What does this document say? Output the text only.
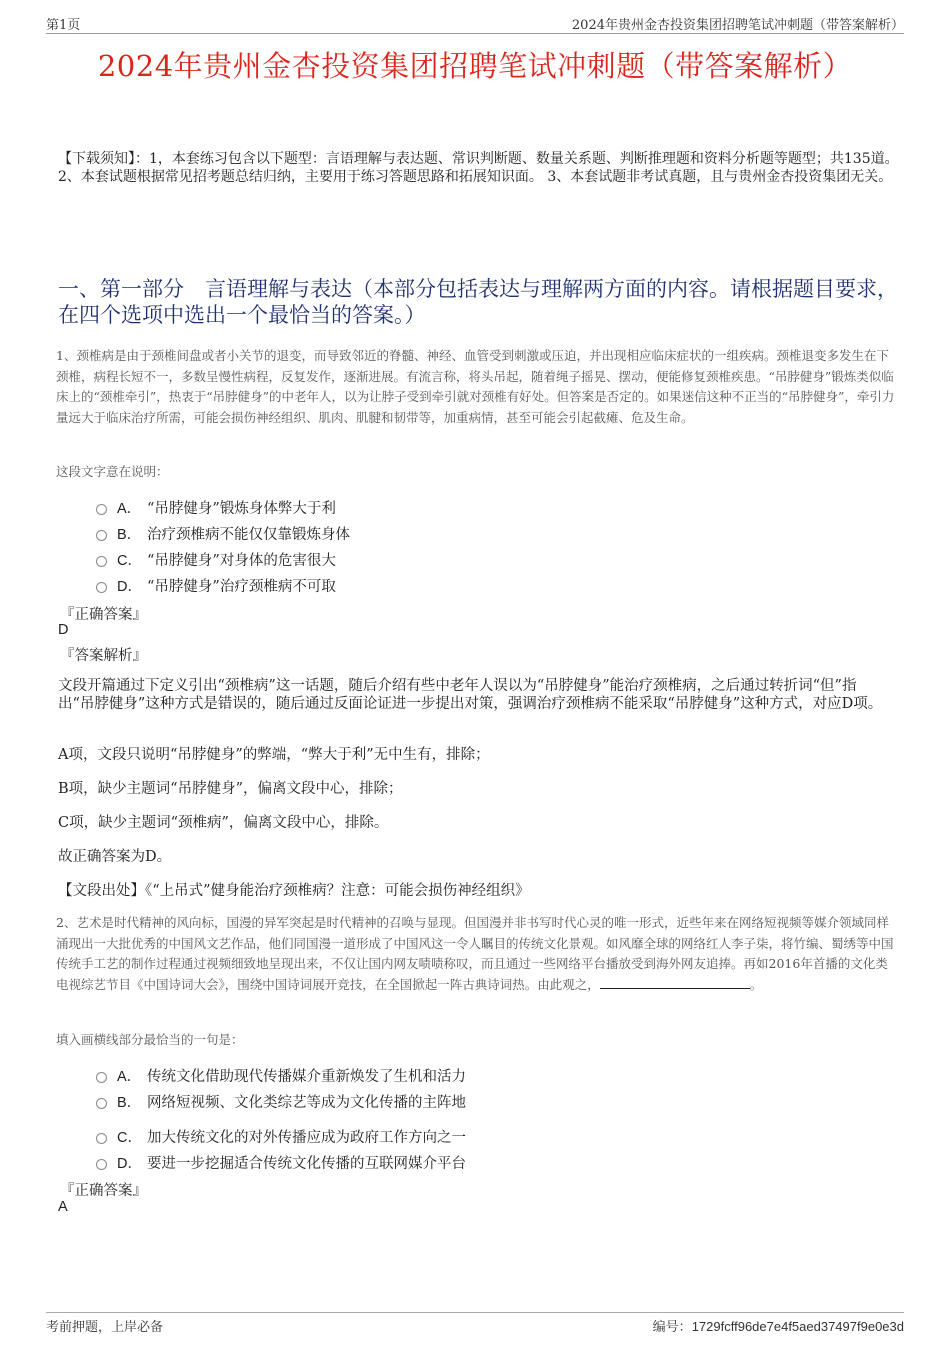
第1页	2024年贵州金杏投资集团招聘笔试冲刺题（带答案解析）
2024年贵州金杏投资集团招聘笔试冲刺题（带答案解析）
【下载须知】：1，本套练习包含以下题型：言语理解与表达题、常识判断题、数量关系题、判断推理题和资料分析题等题型；共135道。 2、本套试题根据常见招考题总结归纳，主要用于练习答题思路和拓展知识面。 3、本套试题非考试真题，且与贵州金杏投资集团无关。
一、第一部分　言语理解与表达（本部分包括表达与理解两方面的内容。请根据题目要求，在四个选项中选出一个最恰当的答案。）
1、颈椎病是由于颈椎间盘或者小关节的退变，而导致邻近的脊髓、神经、血管受到刺激或压迫，并出现相应临床症状的一组疾病。颈椎退变多发生在下颈椎，病程长短不一，多数呈慢性病程，反复发作，逐渐进展。有流言称，将头吊起，随着绳子摇晃、摆动，便能修复颈椎疾患。“吊脖健身”锻炼类似临床上的“颈椎牵引”，热衷于“吊脖健身”的中老年人，以为让脖子受到牵引就对颈椎有好处。但答案是否定的。如果迷信这种不正当的“吊脖健身”，牵引力量远大于临床治疗所需，可能会损伤神经组织、肌肉、肌腱和韧带等，加重病情，甚至可能会引起截瘫、危及生命。
这段文字意在说明：
A． “吊脖健身”锻炼身体弊大于利
B． 治疗颈椎病不能仅仅靠锻炼身体
C． “吊脖健身”对身体的危害很大
D． “吊脖健身”治疗颈椎病不可取
『正确答案』
D
『答案解析』
文段开篇通过下定义引出“颈椎病”这一话题，随后介绍有些中老年人误以为“吊脖健身”能治疗颈椎病，之后通过转折词“但”指出“吊脖健身”这种方式是错误的，随后通过反面论证进一步提出对策，强调治疗颈椎病不能采取“吊脖健身”这种方式，对应D项。
A项，文段只说明“吊脖健身”的弊端，“弊大于利”无中生有，排除；
B项，缺少主题词“吊脖健身”，偏离文段中心，排除；
C项，缺少主题词“颈椎病”，偏离文段中心，排除。
故正确答案为D。
【文段出处】《“上吊式”健身能治疗颈椎病？注意：可能会损伤神经组织》
2、艺术是时代精神的风向标，国漫的异军突起是时代精神的召唤与显现。但国漫并非书写时代心灵的唯一形式，近些年来在网络短视频等媒介领域同样涌现出一大批优秀的中国风文艺作品，他们同国漫一道形成了中国风这一令人瞩目的传统文化景观。如风靡全球的网络红人李子柒，将竹编、蜀绣等中国传统手工艺的制作过程通过视频细致地呈现出来，不仅让国内网友啧啧称叹，而且通过一些网络平台播放受到海外网友追捧。再如2016年首播的文化类电视综艺节目《中国诗词大会》，围绕中国诗词展开竞技，在全国掀起一阵古典诗词热。由此观之，	。
填入画横线部分最恰当的一句是：
A． 传统文化借助现代传播媒介重新焕发了生机和活力
B． 网络短视频、文化类综艺等成为文化传播的主阵地
C． 加大传统文化的对外传播应成为政府工作方向之一
D． 要进一步挖掘适合传统文化传播的互联网媒介平台
『正确答案』
A
考前押题，上岸必备	编号：1729fcff96de7e4f5aed37497f9e0e3d
